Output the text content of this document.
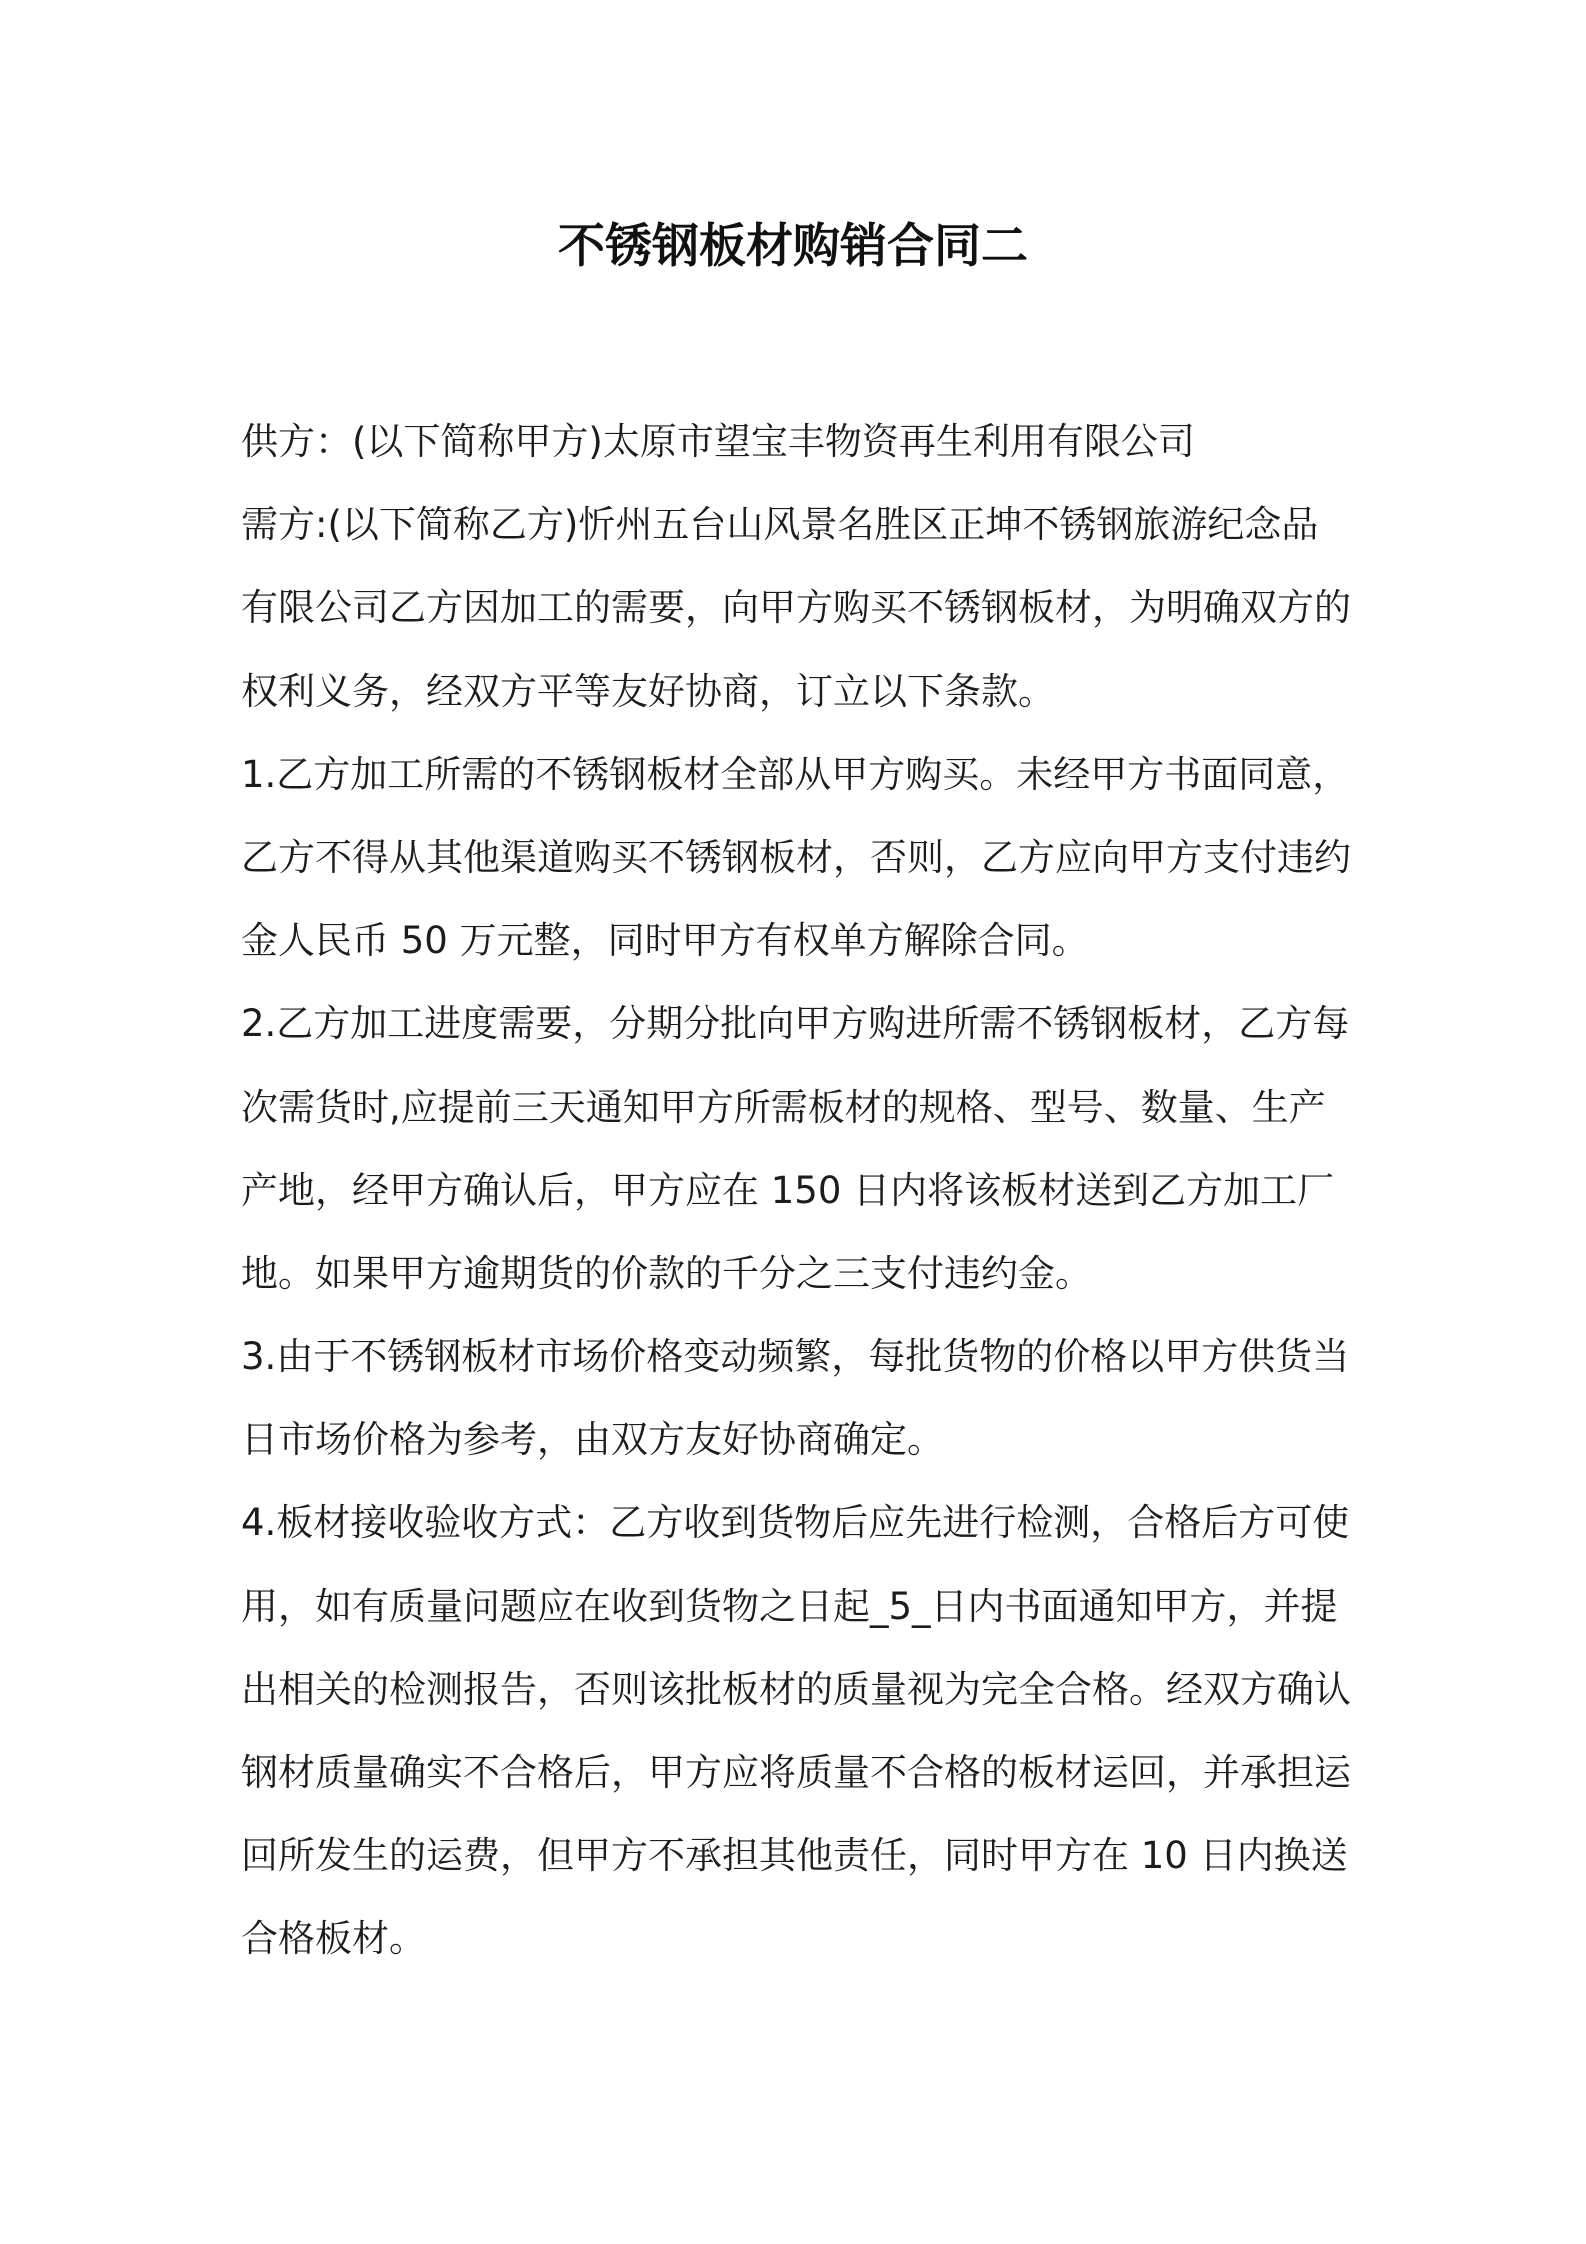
不锈钢板材购销合同二
供方：(以下简称甲方)太原市望宝丰物资再生利用有限公司
需方:(以下简称乙方)忻州五台山风景名胜区正坤不锈钢旅游纪念品
有限公司乙方因加工的需要，向甲方购买不锈钢板材，为明确双方的
权利义务，经双方平等友好协商，订立以下条款。
1.乙方加工所需的不锈钢板材全部从甲方购买。未经甲方书面同意，
乙方不得从其他渠道购买不锈钢板材，否则，乙方应向甲方支付违约
金人民币 50 万元整，同时甲方有权单方解除合同。
2.乙方加工进度需要，分期分批向甲方购进所需不锈钢板材，乙方每
次需货时,应提前三天通知甲方所需板材的规格、型号、数量、生产
产地，经甲方确认后，甲方应在 150 日内将该板材送到乙方加工厂
地。如果甲方逾期货的价款的千分之三支付违约金。
3.由于不锈钢板材市场价格变动频繁，每批货物的价格以甲方供货当
日市场价格为参考，由双方友好协商确定。
4.板材接收验收方式：乙方收到货物后应先进行检测，合格后方可使
用，如有质量问题应在收到货物之日起_5_日内书面通知甲方，并提
出相关的检测报告，否则该批板材的质量视为完全合格。经双方确认
钢材质量确实不合格后，甲方应将质量不合格的板材运回，并承担运
回所发生的运费，但甲方不承担其他责任，同时甲方在 10 日内换送
合格板材。
